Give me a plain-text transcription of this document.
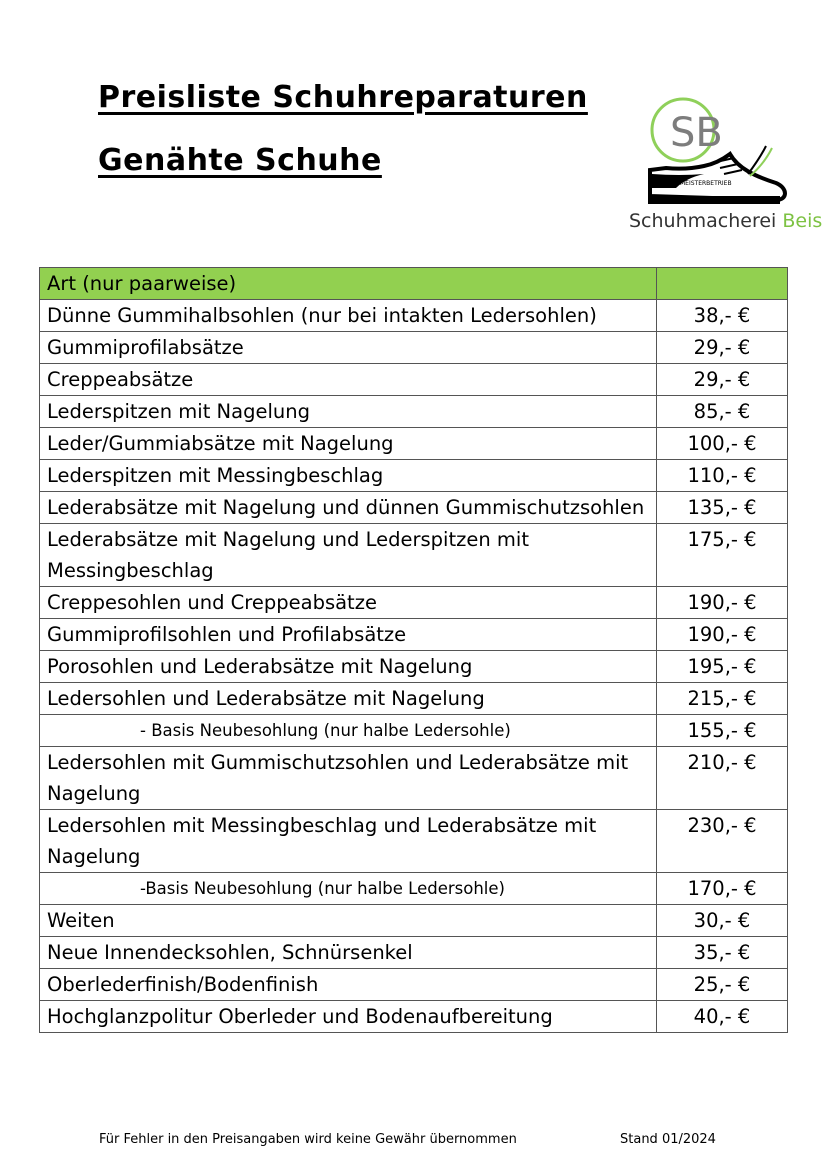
Preisliste Schuhreparaturen
Genähte Schuhe
SB
MEISTERBETRIEB
Schuhmacherei Beis
Art (nur paarweise)	
Dünne Gummihalbsohlen (nur bei intakten Ledersohlen)	38,- €
Gummiprofilabsätze	29,- €
Creppeabsätze	29,- €
Lederspitzen mit Nagelung	85,- €
Leder/Gummiabsätze mit Nagelung	100,- €
Lederspitzen mit Messingbeschlag	110,- €
Lederabsätze mit Nagelung und dünnen Gummischutzsohlen	135,- €
Lederabsätze mit Nagelung und Lederspitzen mit Messingbeschlag	175,- €
Creppesohlen und Creppeabsätze	190,- €
Gummiprofilsohlen und Profilabsätze	190,- €
Porosohlen und Lederabsätze mit Nagelung	195,- €
Ledersohlen und Lederabsätze mit Nagelung	215,- €
- Basis Neubesohlung (nur halbe Ledersohle)	155,- €
Ledersohlen mit Gummischutzsohlen und Lederabsätze mit Nagelung	210,- €
Ledersohlen mit Messingbeschlag und Lederabsätze mit Nagelung	230,- €
-Basis Neubesohlung (nur halbe Ledersohle)	170,- €
Weiten	30,- €
Neue Innendecksohlen, Schnürsenkel	35,- €
Oberlederfinish/Bodenfinish	25,- €
Hochglanzpolitur Oberleder und Bodenaufbereitung	40,- €
Für Fehler in den Preisangaben wird keine Gewähr übernommen	Stand 01/2024
